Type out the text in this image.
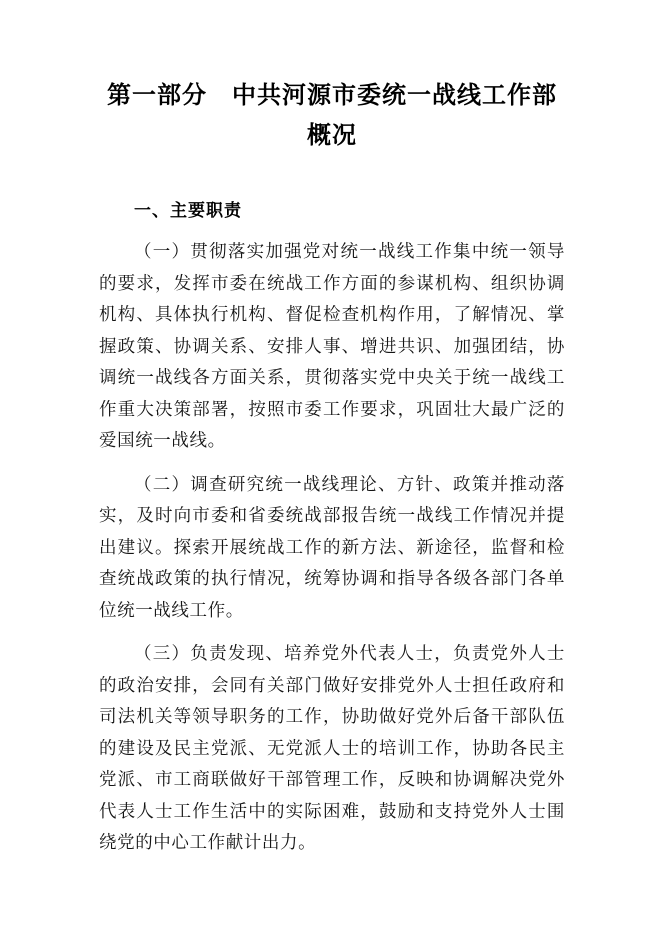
第一部分　中共河源市委统一战线工作部
概况
一、主要职责

（一）贯彻落实加强党对统一战线工作集中统一领导的要求，发挥市委在统战工作方面的参谋机构、组织协调机构、具体执行机构、督促检查机构作用，了解情况、掌握政策、协调关系、安排人事、增进共识、加强团结，协调统一战线各方面关系，贯彻落实党中央关于统一战线工作重大决策部署，按照市委工作要求，巩固壮大最广泛的爱国统一战线。

（二）调查研究统一战线理论、方针、政策并推动落实，及时向市委和省委统战部报告统一战线工作情况并提出建议。探索开展统战工作的新方法、新途径，监督和检查统战政策的执行情况，统筹协调和指导各级各部门各单位统一战线工作。

（三）负责发现、培养党外代表人士，负责党外人士的政治安排，会同有关部门做好安排党外人士担任政府和司法机关等领导职务的工作，协助做好党外后备干部队伍的建设及民主党派、无党派人士的培训工作，协助各民主党派、市工商联做好干部管理工作，反映和协调解决党外代表人士工作生活中的实际困难，鼓励和支持党外人士围绕党的中心工作献计出力。
